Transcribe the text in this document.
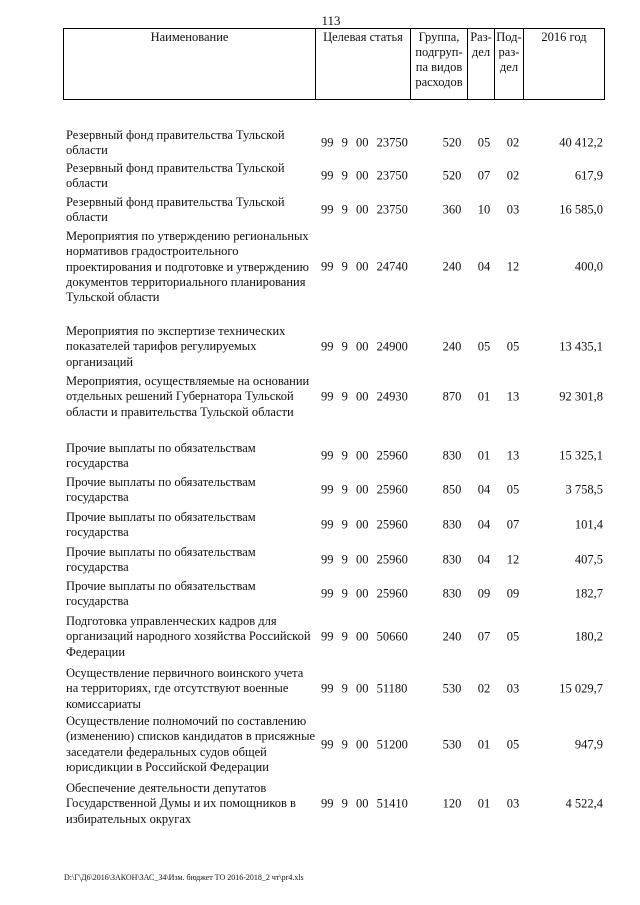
113
Наименование	Целевая статья	Группа, подгруп-па видов расходов	Раз-дел	Под-раз-дел	2016 год
Резервный фонд правительства Тульской области
99 9 00 23750	520 05 02	40 412,2
Резервный фонд правительства Тульской области
99 9 00 23750	520 07 02	617,9
Резервный фонд правительства Тульской области
99 9 00 23750	360 10 03	16 585,0
Мероприятия по утверждению региональных нормативов градостроительного проектирования и подготовке и утверждению документов территориального планирования Тульской области
99 9 00 24740	240 04 12	400,0
Мероприятия по экспертизе технических показателей тарифов регулируемых организаций
99 9 00 24900	240 05 05	13 435,1
Мероприятия, осуществляемые на основании отдельных решений Губернатора Тульской области и правительства Тульской области
99 9 00 24930	870 01 13	92 301,8
Прочие выплаты по обязательствам государства
99 9 00 25960	830 01 13	15 325,1
Прочие выплаты по обязательствам государства
99 9 00 25960	850 04 05	3 758,5
Прочие выплаты по обязательствам государства
99 9 00 25960	830 04 07	101,4
Прочие выплаты по обязательствам государства
99 9 00 25960	830 04 12	407,5
Прочие выплаты по обязательствам государства
99 9 00 25960	830 09 09	182,7
Подготовка управленческих кадров для организаций народного хозяйства Российской Федерации
99 9 00 50660	240 07 05	180,2
Осуществление первичного воинского учета на территориях, где отсутствуют военные комиссариаты
99 9 00 51180	530 02 03	15 029,7
Осуществление полномочий по составлению (изменению) списков кандидатов в присяжные заседатели федеральных судов общей юрисдикции в Российской Федерации
99 9 00 51200	530 01 05	947,9
Обеспечение деятельности депутатов Государственной Думы и их помощников в избирательных округах
99 9 00 51410	120 01 03	4 522,4
D:\Г\Д6\2016\ЗАКОН\ЗАС_34\Изм. бюджет ТО 2016-2018_2 чт\pr4.xls
